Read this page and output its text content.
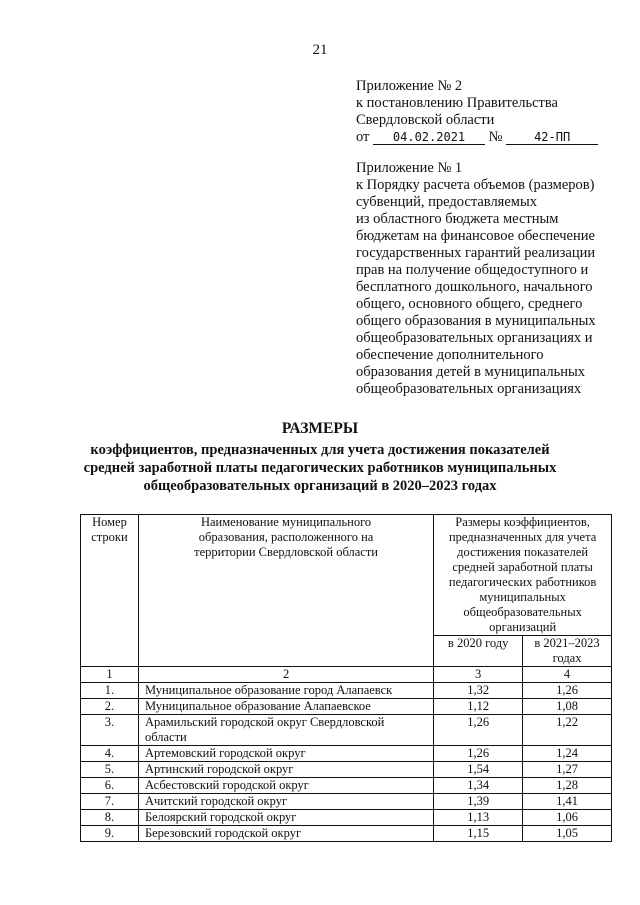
21
Приложение № 2
к постановлению Правительства
Свердловской области
от 04.02.2021 №	42-ПП
Приложение № 1
к Порядку расчета объемов (размеров)
субвенций, предоставляемых
из областного бюджета местным
бюджетам на финансовое обеспечение
государственных гарантий реализации
прав на получение общедоступного и
бесплатного дошкольного, начального
общего, основного общего, среднего
общего образования в муниципальных
общеобразовательных организациях и
обеспечение дополнительного
образования детей в муниципальных
общеобразовательных организациях
РАЗМЕРЫ
коэффициентов, предназначенных для учета достижения показателей
средней заработной платы педагогических работников муниципальных
общеобразовательных организаций в 2020–2023 годах
Номер строки	Наименование муниципального образования, расположенного на территории Свердловской области	Размеры коэффициентов, предназначенных для учета достижения показателей средней заработной платы педагогических работников муниципальных общеобразовательных организаций	
		в 2020 году	в 2021–2023 годах
1	2	3	4
1.	Муниципальное образование город Алапаевск	1,32	1,26
2.	Муниципальное образование Алапаевское	1,12	1,08
3.	Арамильский городской округ Свердловской области	1,26	1,22
4.	Артемовский городской округ	1,26	1,24
5.	Артинский городской округ	1,54	1,27
6.	Асбестовский городской округ	1,34	1,28
7.	Ачитский городской округ	1,39	1,41
8.	Белоярский городской округ	1,13	1,06
9.	Березовский городской округ	1,15	1,05
